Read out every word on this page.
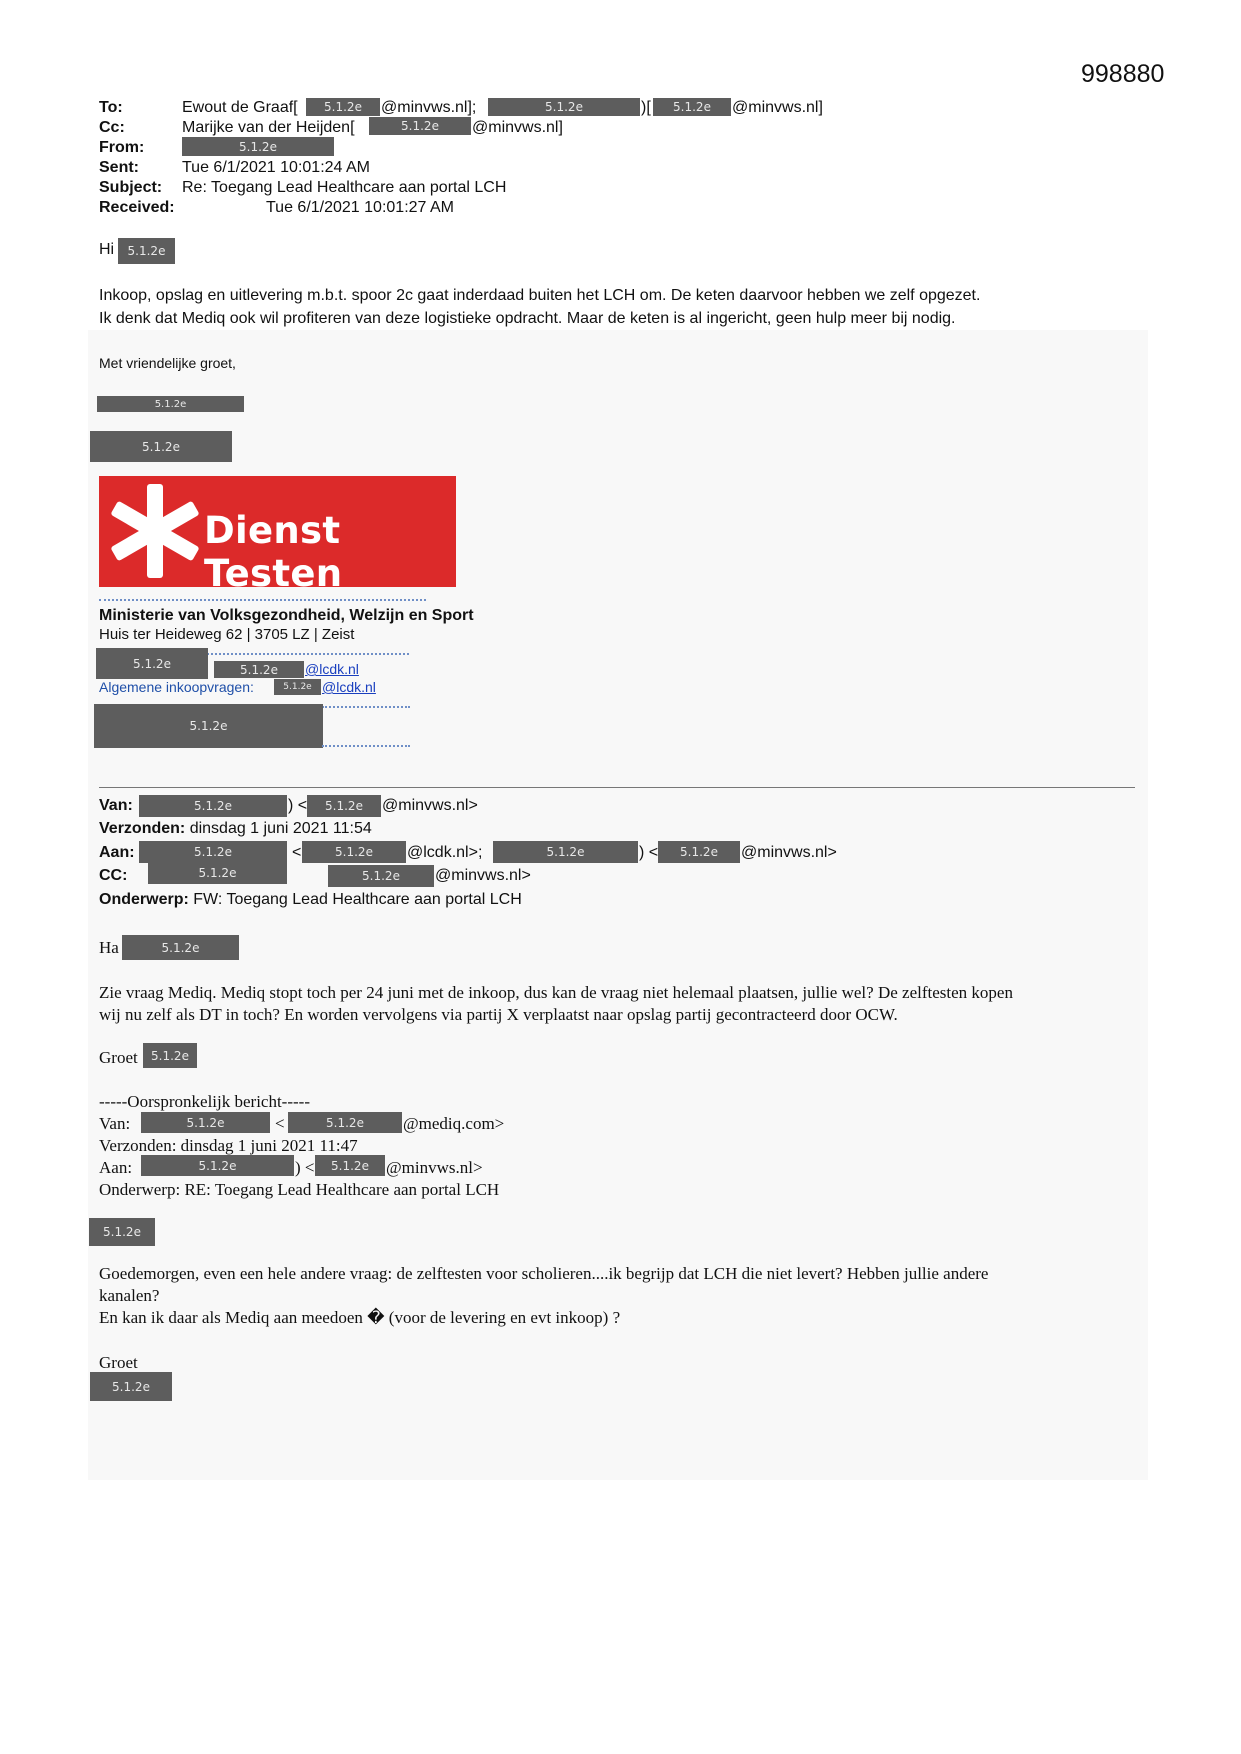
998880
To:	Ewout de Graaf[	5.1.2e	@minvws.nl];	5.1.2e	)[	5.1.2e	@minvws.nl]
Cc:	Marijke van der Heijden[	5.1.2e	@minvws.nl]
From:	5.1.2e
Sent:	Tue 6/1/2021 10:01:24 AM
Subject: Re: Toegang Lead Healthcare aan portal LCH
Received:	Tue 6/1/2021 10:01:27 AM
Hi	5.1.2e
Inkoop, opslag en uitlevering m.b.t. spoor 2c gaat inderdaad buiten het LCH om. De keten daarvoor hebben we zelf opgezet.
Ik denk dat Mediq ook wil profiteren van deze logistieke opdracht. Maar de keten is al ingericht, geen hulp meer bij nodig.
Met vriendelijke groet,
5.1.2e
5.1.2e
Dienst Testen
Ministerie van Volksgezondheid, Welzijn en Sport
Huis ter Heideweg 62 | 3705 LZ | Zeist
5.1.2e	5.1.2e	@lcdk.nl
Algemene inkoopvragen:	5.1.2e @lcdk.nl
5.1.2e
Van:	5.1.2e	) <	5.1.2e	@minvws.nl>
Verzonden: dinsdag 1 juni 2021 11:54
Aan:	5.1.2e	<	5.1.2e	@lcdk.nl>;	5.1.2e	) <	5.1.2e	@minvws.nl>
CC:	5.1.2e	5.1.2e	@minvws.nl>
Onderwerp: FW: Toegang Lead Healthcare aan portal LCH
Ha	5.1.2e
Zie vraag Mediq. Mediq stopt toch per 24 juni met de inkoop, dus kan de vraag niet helemaal plaatsen, jullie wel? De zelftesten kopen
wij nu zelf als DT in toch? En worden vervolgens via partij X verplaatst naar opslag partij gecontracteerd door OCW.
Groet	5.1.2e
-----Oorspronkelijk bericht-----
Van:	5.1.2e	<	5.1.2e	@mediq.com>
Verzonden: dinsdag 1 juni 2021 11:47
Aan:	5.1.2e	) <	5.1.2e	@minvws.nl>
Onderwerp: RE: Toegang Lead Healthcare aan portal LCH
5.1.2e
Goedemorgen, even een hele andere vraag: de zelftesten voor scholieren....ik begrijp dat LCH die niet levert? Hebben jullie andere
kanalen?
En kan ik daar als Mediq aan meedoen � (voor de levering en evt inkoop) ?
Groet
5.1.2e
